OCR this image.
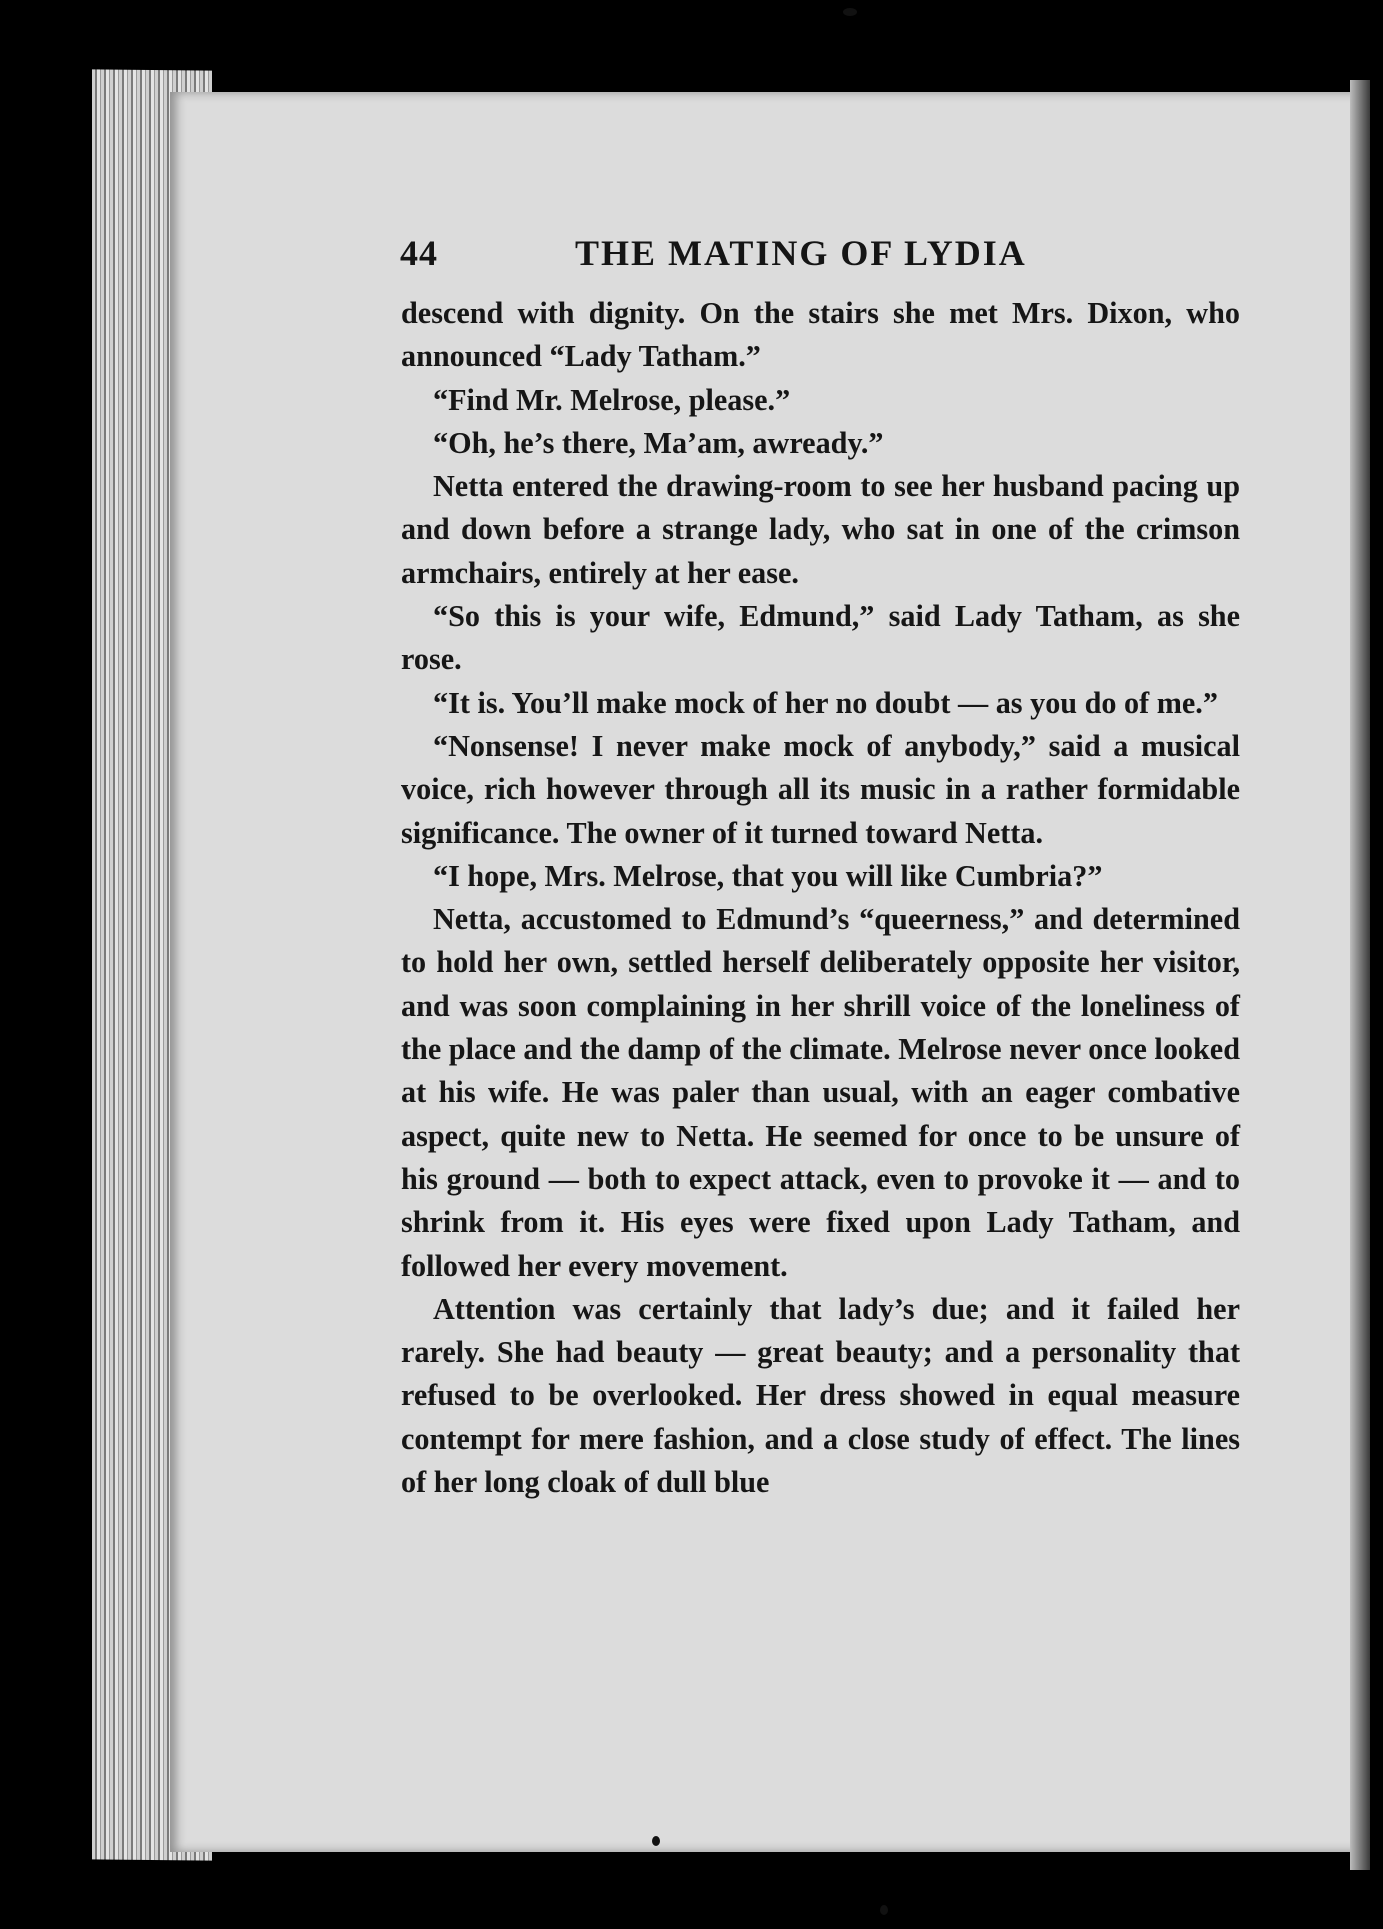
44	THE MATING OF LYDIA

descend with dignity. On the stairs she met Mrs. Dixon, who announced “Lady Tatham.”

“Find Mr. Melrose, please.”

“Oh, he’s there, Ma’am, awready.”

Netta entered the drawing-room to see her husband pacing up and down before a strange lady, who sat in one of the crimson armchairs, entirely at her ease.

“So this is your wife, Edmund,” said Lady Tatham, as she rose.

“It is. You’ll make mock of her no doubt — as you do of me.”

“Nonsense! I never make mock of anybody,” said a musical voice, rich however through all its music in a rather formidable significance. The owner of it turned toward Netta.

“I hope, Mrs. Melrose, that you will like Cumbria?”

Netta, accustomed to Edmund’s “queerness,” and determined to hold her own, settled herself deliberately opposite her visitor, and was soon complaining in her shrill voice of the loneliness of the place and the damp of the climate. Melrose never once looked at his wife. He was paler than usual, with an eager combative aspect, quite new to Netta. He seemed for once to be unsure of his ground — both to expect attack, even to provoke it — and to shrink from it. His eyes were fixed upon Lady Tatham, and followed her every movement.

Attention was certainly that lady’s due; and it failed her rarely. She had beauty — great beauty; and a personality that refused to be overlooked. Her dress showed in equal measure contempt for mere fashion, and a close study of effect. The lines of her long cloak of dull blue
